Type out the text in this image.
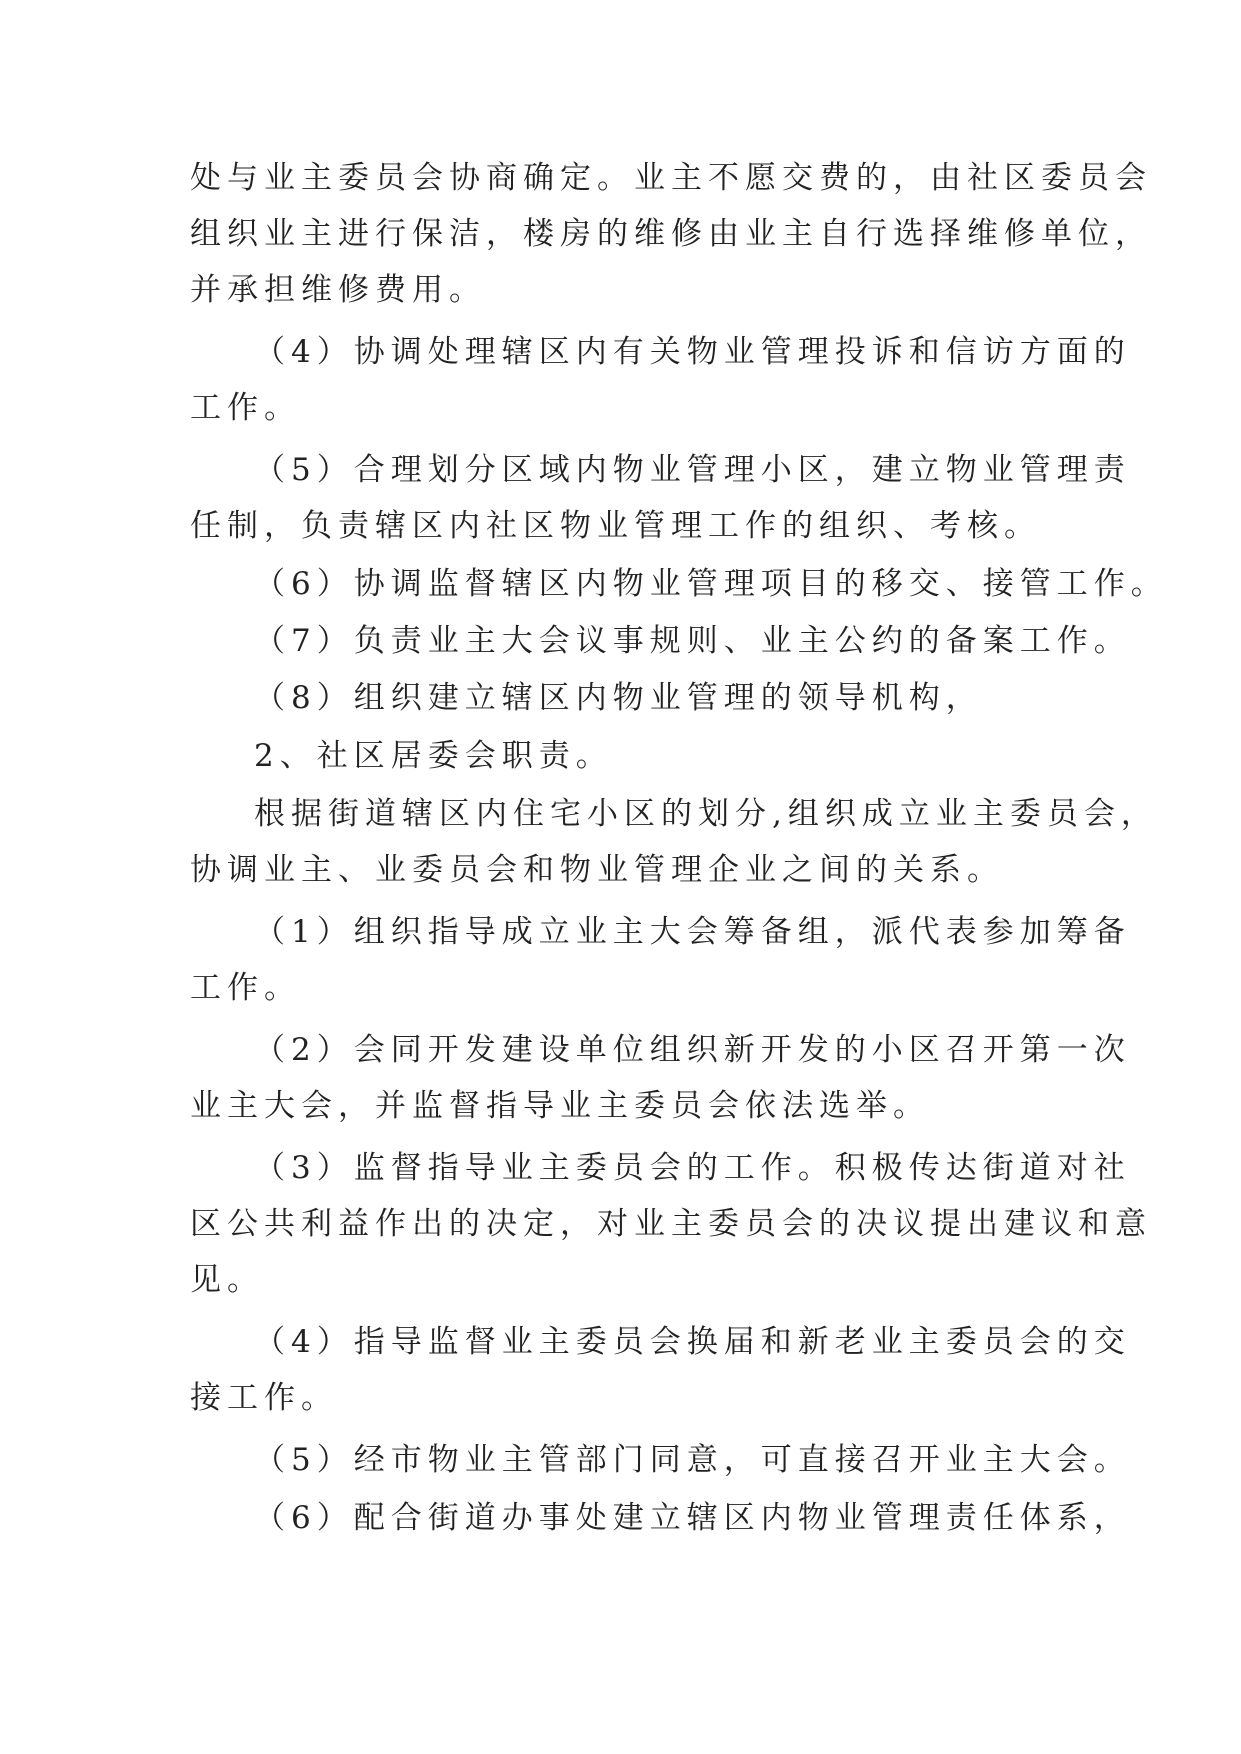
处与业主委员会协商确定。业主不愿交费的，由社区委员会
组织业主进行保洁，楼房的维修由业主自行选择维修单位，
并承担维修费用。
（4）协调处理辖区内有关物业管理投诉和信访方面的
工作。
（5）合理划分区域内物业管理小区，建立物业管理责
任制，负责辖区内社区物业管理工作的组织、考核。
（6）协调监督辖区内物业管理项目的移交、接管工作。
（7）负责业主大会议事规则、业主公约的备案工作。
（8）组织建立辖区内物业管理的领导机构，
2、社区居委会职责。
根据街道辖区内住宅小区的划分,组织成立业主委员会，
协调业主、业委员会和物业管理企业之间的关系。
（1）组织指导成立业主大会筹备组，派代表参加筹备
工作。
（2）会同开发建设单位组织新开发的小区召开第一次
业主大会，并监督指导业主委员会依法选举。
（3）监督指导业主委员会的工作。积极传达街道对社
区公共利益作出的决定，对业主委员会的决议提出建议和意
见。
（4）指导监督业主委员会换届和新老业主委员会的交
接工作。
（5）经市物业主管部门同意，可直接召开业主大会。
（6）配合街道办事处建立辖区内物业管理责任体系，
